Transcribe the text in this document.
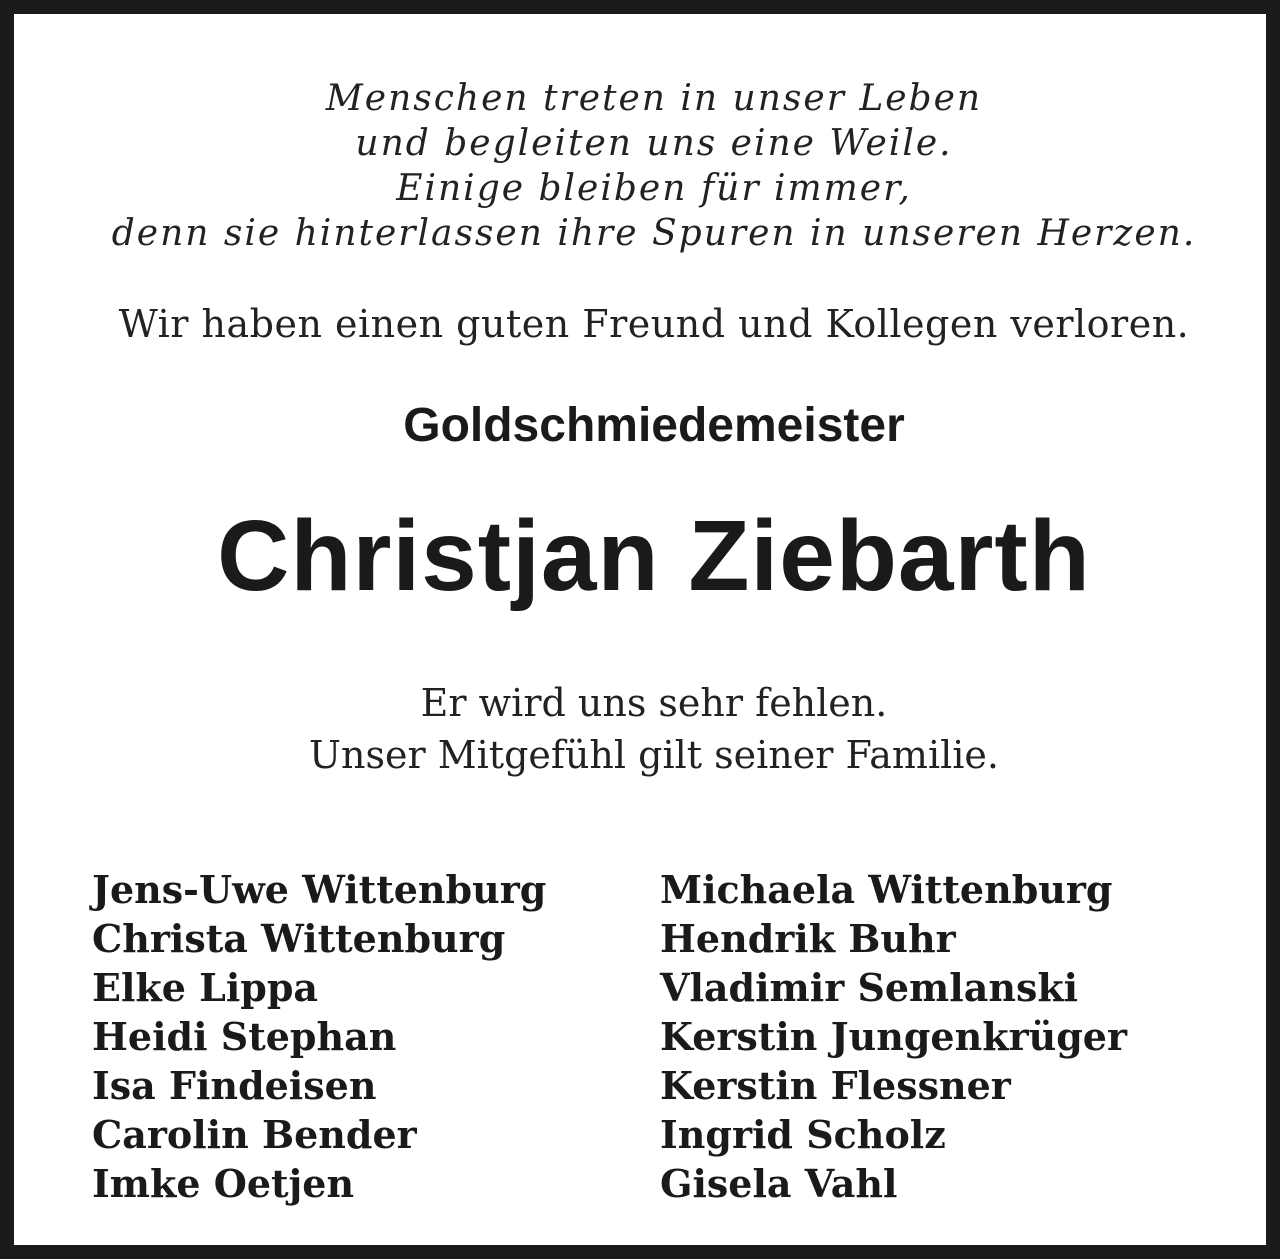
Menschen treten in unser Leben
und begleiten uns eine Weile.
Einige bleiben für immer,
denn sie hinterlassen ihre Spuren in unseren Herzen.
Wir haben einen guten Freund und Kollegen verloren.
Goldschmiedemeister
Christjan Ziebarth
Er wird uns sehr fehlen.
Unser Mitgefühl gilt seiner Familie.
Jens-Uwe Wittenburg
Christa Wittenburg
Elke Lippa
Heidi Stephan
Isa Findeisen
Carolin Bender
Imke Oetjen
Michaela Wittenburg
Hendrik Buhr
Vladimir Semlanski
Kerstin Jungenkrüger
Kerstin Flessner
Ingrid Scholz
Gisela Vahl
